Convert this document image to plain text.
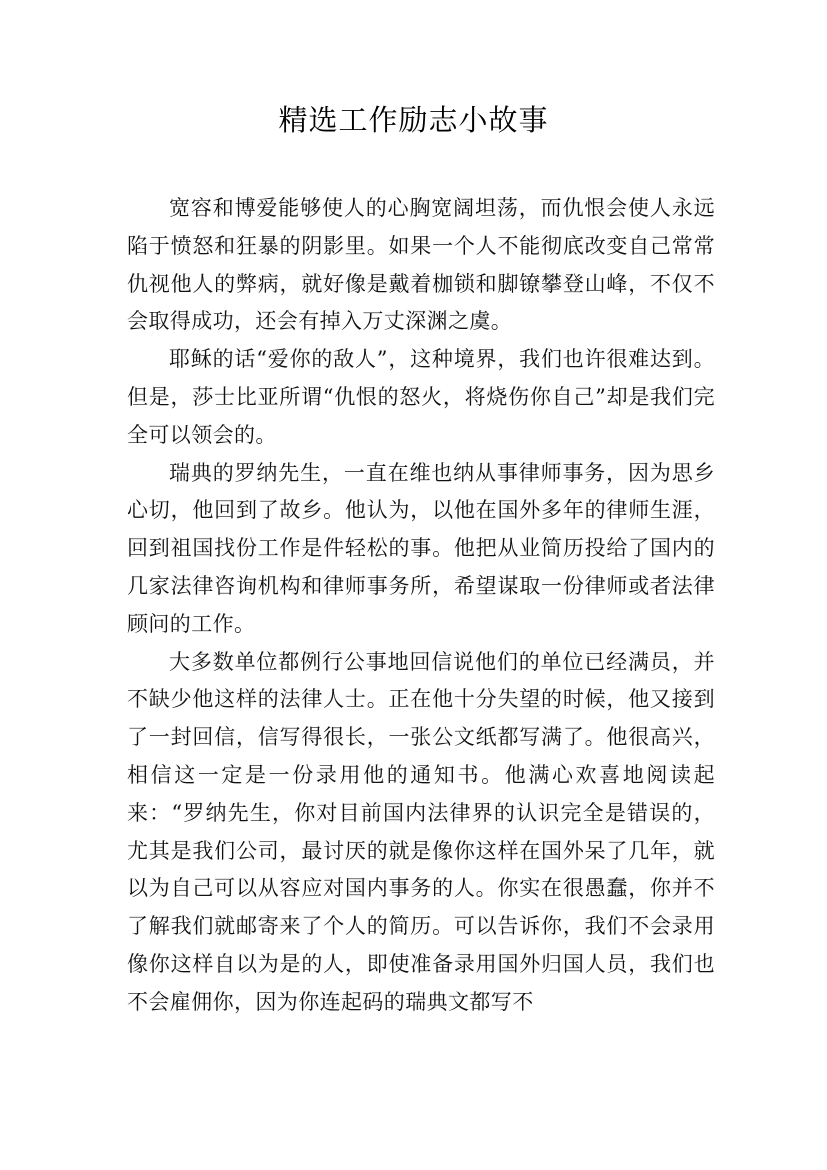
精选工作励志小故事

宽容和博爱能够使人的心胸宽阔坦荡，而仇恨会使人永远陷于愤怒和狂暴的阴影里。如果一个人不能彻底改变自己常常仇视他人的弊病，就好像是戴着枷锁和脚镣攀登山峰，不仅不会取得成功，还会有掉入万丈深渊之虞。

耶稣的话“爱你的敌人”，这种境界，我们也许很难达到。但是，莎士比亚所谓“仇恨的怒火，将烧伤你自己”却是我们完全可以领会的。

瑞典的罗纳先生，一直在维也纳从事律师事务，因为思乡心切，他回到了故乡。他认为，以他在国外多年的律师生涯，回到祖国找份工作是件轻松的事。他把从业简历投给了国内的几家法律咨询机构和律师事务所，希望谋取一份律师或者法律顾问的工作。

大多数单位都例行公事地回信说他们的单位已经满员，并不缺少他这样的法律人士。正在他十分失望的时候，他又接到了一封回信，信写得很长，一张公文纸都写满了。他很高兴，相信这一定是一份录用他的通知书。他满心欢喜地阅读起来：“罗纳先生，你对目前国内法律界的认识完全是错误的，尤其是我们公司，最讨厌的就是像你这样在国外呆了几年，就以为自己可以从容应对国内事务的人。你实在很愚蠢，你并不了解我们就邮寄来了个人的简历。可以告诉你，我们不会录用像你这样自以为是的人，即使准备录用国外归国人员，我们也不会雇佣你，因为你连起码的瑞典文都写不
